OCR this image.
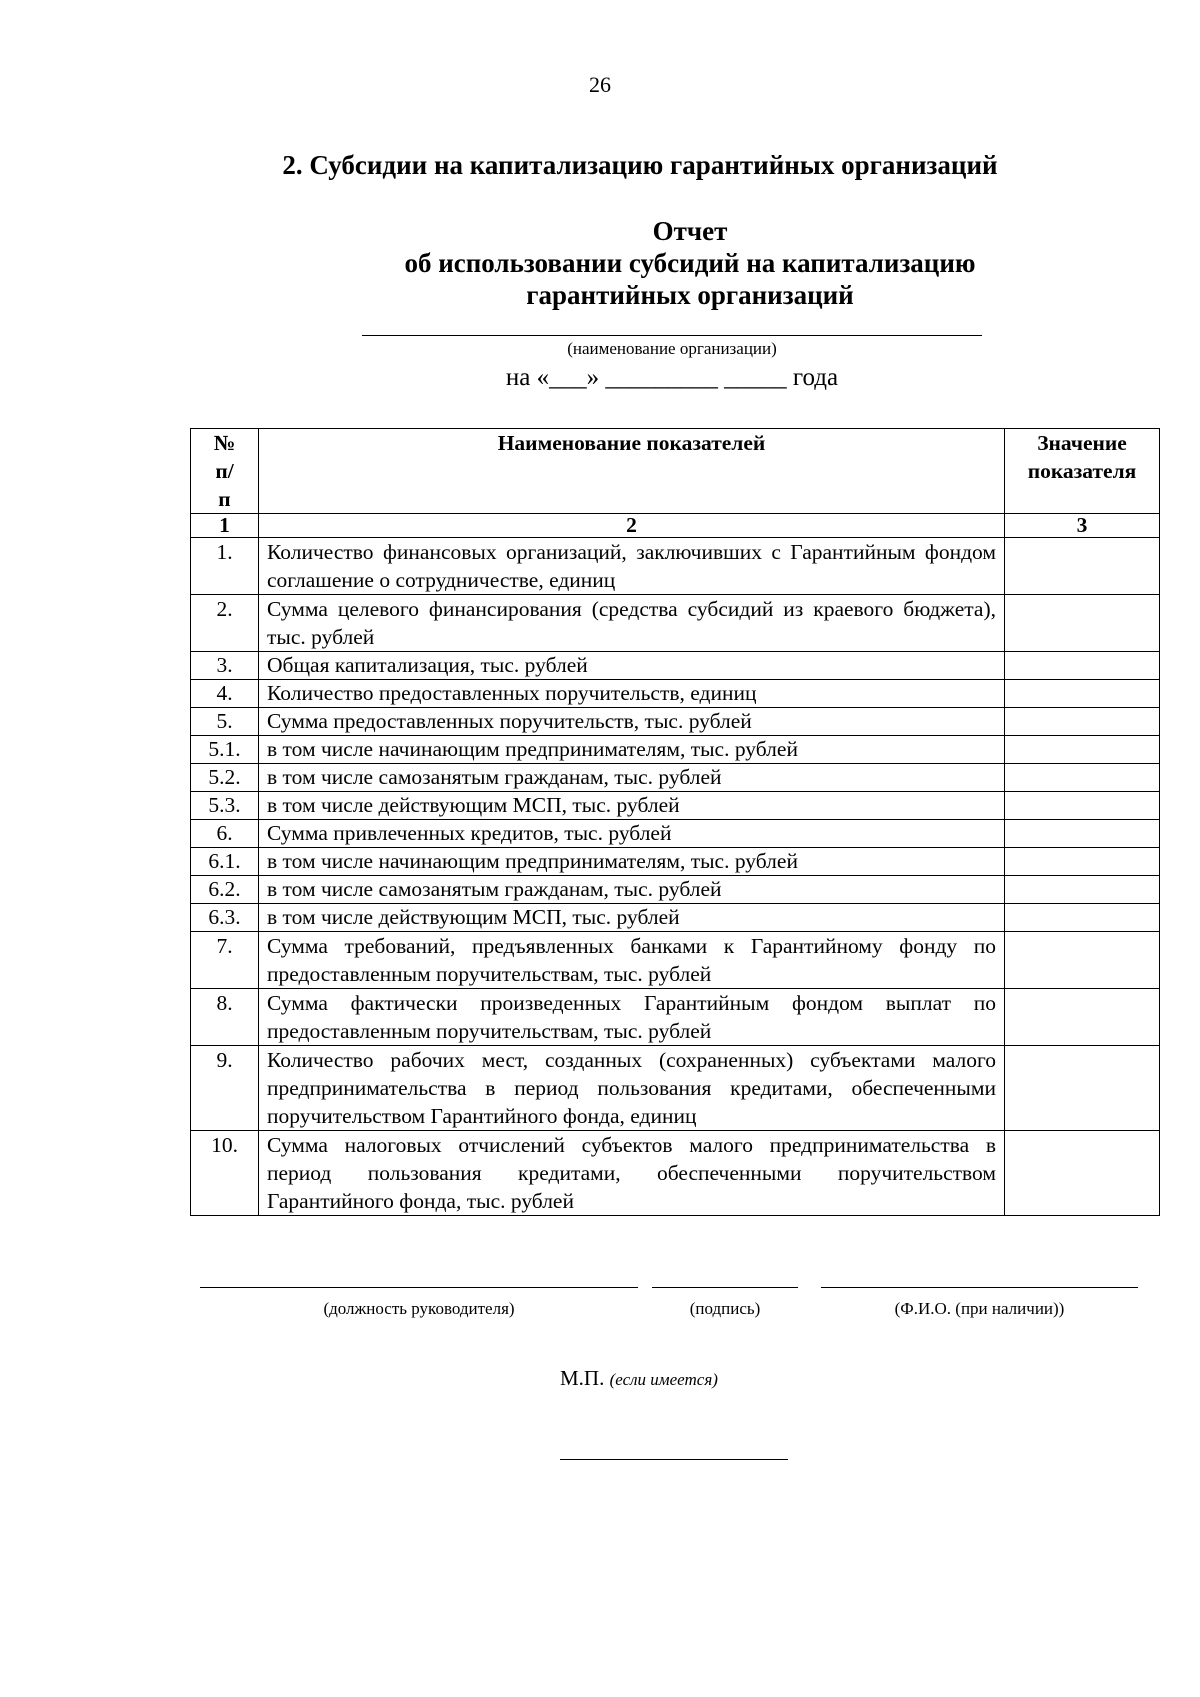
26
2. Субсидии на капитализацию гарантийных организаций
Отчет
об использовании субсидий на капитализацию
гарантийных организаций
(наименование организации)
на «___» _________ _____ года
№ п/п	Наименование показателей	Значение показателя
1	2	3
1.	Количество финансовых организаций, заключивших с Гарантийным фондом соглашение о сотрудничестве, единиц	
2.	Сумма целевого финансирования (средства субсидий из краевого бюджета), тыс. рублей	
3.	Общая капитализация, тыс. рублей	
4.	Количество предоставленных поручительств, единиц	
5.	Сумма предоставленных поручительств, тыс. рублей	
5.1.	в том числе начинающим предпринимателям, тыс. рублей	
5.2.	в том числе самозанятым гражданам, тыс. рублей	
5.3.	в том числе действующим МСП, тыс. рублей	
6.	Сумма привлеченных кредитов, тыс. рублей	
6.1.	в том числе начинающим предпринимателям, тыс. рублей	
6.2.	в том числе самозанятым гражданам, тыс. рублей	
6.3.	в том числе действующим МСП, тыс. рублей	
7.	Сумма требований, предъявленных банками к Гарантийному фонду по предоставленным поручительствам, тыс. рублей	
8.	Сумма фактически произведенных Гарантийным фондом выплат по предоставленным поручительствам, тыс. рублей	
9.	Количество рабочих мест, созданных (сохраненных) субъектами малого предпринимательства в период пользования кредитами, обеспеченными поручительством Гарантийного фонда, единиц	
10.	Сумма налоговых отчислений субъектов малого предпринимательства в период пользования кредитами, обеспеченными поручительством Гарантийного фонда, тыс. рублей	
(должность руководителя)	(подпись)	(Ф.И.О. (при наличии))
М.П. (если имеется)
